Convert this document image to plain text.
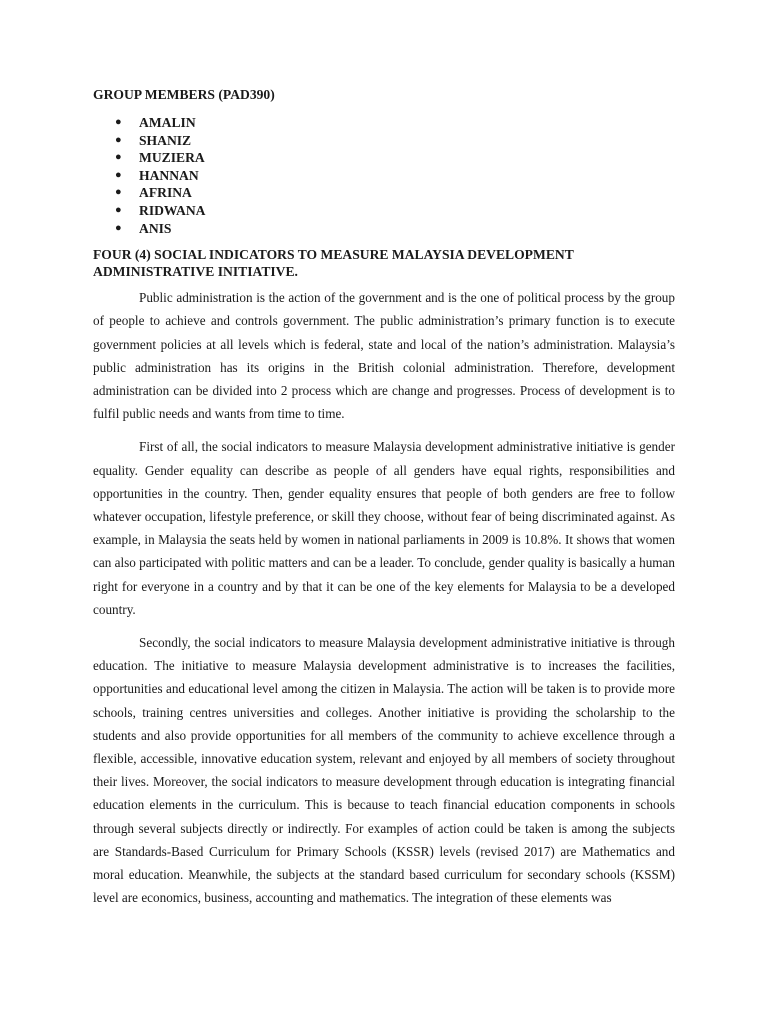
GROUP MEMBERS (PAD390)

● AMALIN
● SHANIZ
● MUZIERA
● HANNAN
● AFRINA
● RIDWANA
● ANIS

FOUR (4) SOCIAL INDICATORS TO MEASURE MALAYSIA DEVELOPMENT ADMINISTRATIVE INITIATIVE.

Public administration is the action of the government and is the one of political process by the group of people to achieve and controls government. The public administration’s primary function is to execute government policies at all levels which is federal, state and local of the nation’s administration. Malaysia’s public administration has its origins in the British colonial administration. Therefore, development administration can be divided into 2 process which are change and progresses. Process of development is to fulfil public needs and wants from time to time.

First of all, the social indicators to measure Malaysia development administrative initiative is gender equality. Gender equality can describe as people of all genders have equal rights, responsibilities and opportunities in the country. Then, gender equality ensures that people of both genders are free to follow whatever occupation, lifestyle preference, or skill they choose, without fear of being discriminated against. As example, in Malaysia the seats held by women in national parliaments in 2009 is 10.8%. It shows that women can also participated with politic matters and can be a leader. To conclude, gender quality is basically a human right for everyone in a country and by that it can be one of the key elements for Malaysia to be a developed country.

Secondly, the social indicators to measure Malaysia development administrative initiative is through education. The initiative to measure Malaysia development administrative is to increases the facilities, opportunities and educational level among the citizen in Malaysia. The action will be taken is to provide more schools, training centres universities and colleges. Another initiative is providing the scholarship to the students and also provide opportunities for all members of the community to achieve excellence through a flexible, accessible, innovative education system, relevant and enjoyed by all members of society throughout their lives. Moreover, the social indicators to measure development through education is integrating financial education elements in the curriculum. This is because to teach financial education components in schools through several subjects directly or indirectly. For examples of action could be taken is among the subjects are Standards-Based Curriculum for Primary Schools (KSSR) levels (revised 2017) are Mathematics and moral education. Meanwhile, the subjects at the standard based curriculum for secondary schools (KSSM) level are economics, business, accounting and mathematics. The integration of these elements was
